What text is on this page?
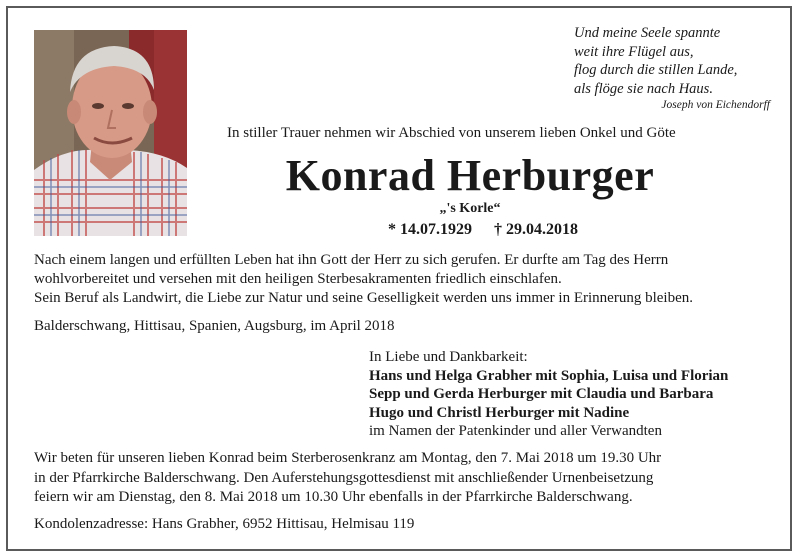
Und meine Seele spannte
weit ihre Flügel aus,
flog durch die stillen Lande,
als flöge sie nach Haus.
Joseph von Eichendorff
In stiller Trauer nehmen wir Abschied von unserem lieben Onkel und Göte
Konrad Herburger
„'s Korle“
* 14.07.1929 † 29.04.2018
Nach einem langen und erfüllten Leben hat ihn Gott der Herr zu sich gerufen. Er durfte am Tag des Herrn
wohlvorbereitet und versehen mit den heiligen Sterbesakramenten friedlich einschlafen.
Sein Beruf als Landwirt, die Liebe zur Natur und seine Geselligkeit werden uns immer in Erinnerung bleiben.
Balderschwang, Hittisau, Spanien, Augsburg, im April 2018
In Liebe und Dankbarkeit:
Hans und Helga Grabher mit Sophia, Luisa und Florian
Sepp und Gerda Herburger mit Claudia und Barbara
Hugo und Christl Herburger mit Nadine
im Namen der Patenkinder und aller Verwandten
Wir beten für unseren lieben Konrad beim Sterberosenkranz am Montag, den 7. Mai 2018 um 19.30 Uhr
in der Pfarrkirche Balderschwang. Den Auferstehungsgottesdienst mit anschließender Urnenbeisetzung
feiern wir am Dienstag, den 8. Mai 2018 um 10.30 Uhr ebenfalls in der Pfarrkirche Balderschwang.
Kondolenzadresse: Hans Grabher, 6952 Hittisau, Helmisau 119
